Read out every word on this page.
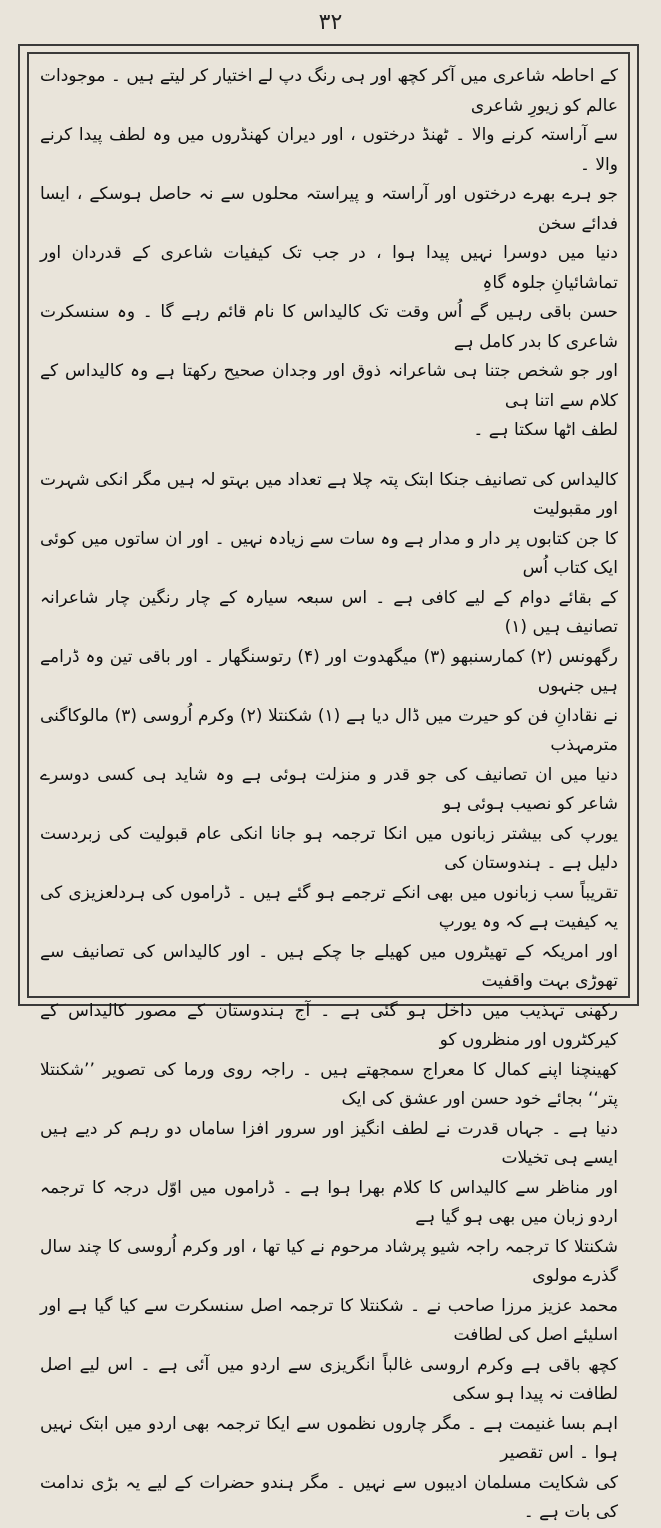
٣٢

کے احاطہ شاعری میں آکر کچھ اور ہی رنگ دپ لے اختیار کر لیتے ہیں ۔ موجودات عالم کو زیورِ شاعری

سے آراستہ کرنے والا ۔ ٹھنڈ درختوں ، اور دیران کھنڈروں میں وہ لطف پیدا کرنے والا ۔

جو ہرے بھرے درختوں اور آراستہ و پیراستہ محلوں سے نہ حاصل ہوسکے ، ایسا فدائے سخن

دنیا میں دوسرا نہیں پیدا ہوا ، در جب تک کیفیات شاعری کے قدردان اور تماشائیانِ جلوہ گاہِ

حسن باقی رہیں گے اُس وقت تک کالیداس کا نام قائم رہے گا ۔ وہ سنسکرت شاعری کا بدر کامل ہے

اور جو شخص جتنا ہی شاعرانہ ذوق اور وجدان صحیح رکھتا ہے وہ کالیداس کے کلام سے اتنا ہی

لطف اٹھا سکتا ہے ۔

کالیداس کی تصانیف جنکا ابتک پتہ چلا ہے تعداد میں بہتو لہ ہیں مگر انکی شہرت اور مقبولیت

کا جن کتابوں پر دار و مدار ہے وہ سات سے زیادہ نہیں ۔ اور ان ساتوں میں کوئی ایک کتاب اُس

کے بقائے دوام کے لیے کافی ہے ۔ اس سبعہ سیارہ کے چار رنگین چار شاعرانہ تصانیف ہیں (١)

رگھونس (٢) کمارسنبھو (٣) میگھدوت اور (۴) رتوسنگھار ۔ اور باقی تین وہ ڈرامے ہیں جنہوں

نے نقادانِ فن کو حیرت میں ڈال دیا ہے (١) شکنتلا (٢) وکرم اُروسی (٣) مالوکاگنی مترمہذب

دنیا میں ان تصانیف کی جو قدر و منزلت ہوئی ہے وہ شاید ہی کسی دوسرے شاعر کو نصیب ہوئی ہو

یورپ کی بیشتر زبانوں میں انکا ترجمہ ہو جانا انکی عام قبولیت کی زبردست دلیل ہے ۔ ہندوستان کی

تقریباً سب زبانوں میں بھی انکے ترجمے ہو گئے ہیں ۔ ڈراموں کی ہردلعزیزی کی یہ کیفیت ہے کہ وہ یورپ

اور امریکہ کے تھیٹروں میں کھیلے جا چکے ہیں ۔ اور کالیداس کی تصانیف سے تھوڑی بہت واقفیت

رکھنی تہذیب میں داخل ہو گئی ہے ۔ آج ہندوستان کے مصور کالیداس کے کیرکٹروں اور منظروں کو

کھینچنا اپنے کمال کا معراج سمجھتے ہیں ۔ راجہ روی ورما کی تصویر ’’شکنتلا پتر‘‘ بجائے خود حسن اور عشق کی ایک

دنیا ہے ۔ جہاں قدرت نے لطف انگیز اور سرور افزا ساماں دو رہم کر دیے ہیں ایسے ہی تخیلات

اور مناظر سے کالیداس کا کلام بھرا ہوا ہے ۔ ڈراموں میں اوّل درجہ کا ترجمہ اردو زبان میں بھی ہو گیا ہے

شکنتلا کا ترجمہ راجہ شیو پرشاد مرحوم نے کیا تھا ، اور وکرم اُروسی کا چند سال گذرے مولوی

محمد عزیز مرزا صاحب نے ۔ شکنتلا کا ترجمہ اصل سنسکرت سے کیا گیا ہے اور اسلیئے اصل کی لطافت

کچھ باقی ہے وکرم اروسی غالباً انگریزی سے اردو میں آئی ہے ۔ اس لیے اصل لطافت نہ پیدا ہو سکی

اہم بسا غنیمت ہے ۔ مگر چاروں نظموں سے ایکا ترجمہ بھی اردو میں ابتک نہیں ہوا ۔ اس تقصیر

کی شکایت مسلمان ادیبوں سے نہیں ۔ مگر ہندو حضرات کے لیے یہ بڑی ندامت کی بات ہے ۔
